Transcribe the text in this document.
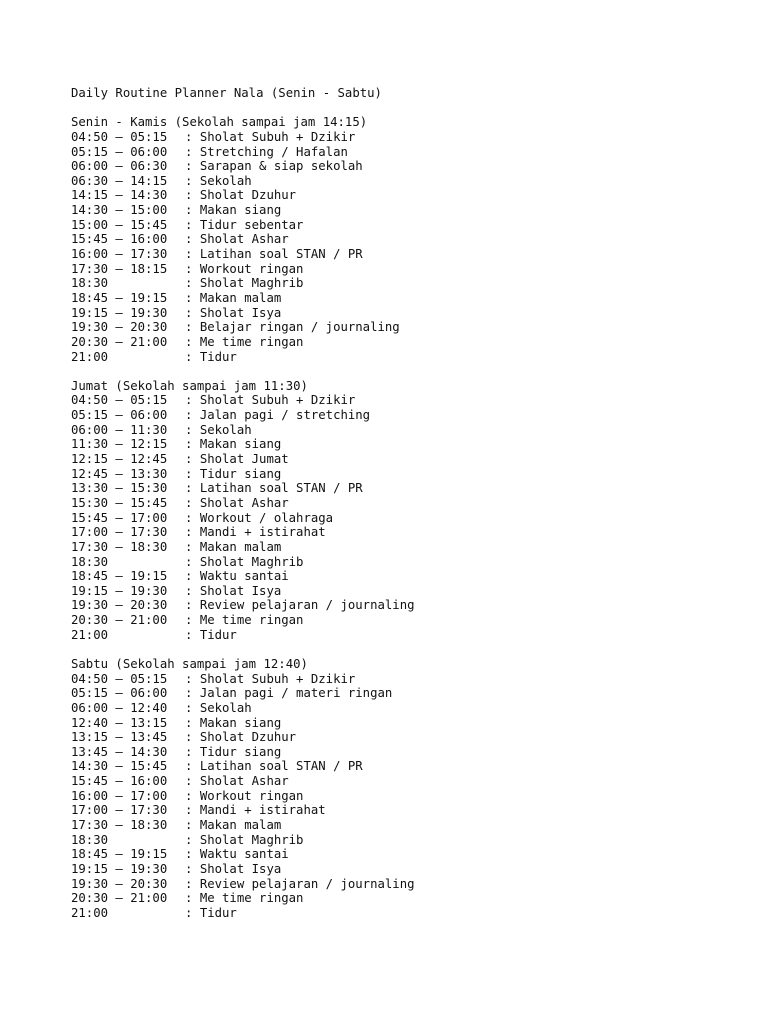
Daily Routine Planner Nala (Senin - Sabtu)
Senin - Kamis (Sekolah sampai jam 14:15)
04:50 – 05:15 : Sholat Subuh + Dzikir
05:15 – 06:00 : Stretching / Hafalan
06:00 – 06:30 : Sarapan & siap sekolah
06:30 – 14:15 : Sekolah
14:15 – 14:30 : Sholat Dzuhur
14:30 – 15:00 : Makan siang
15:00 – 15:45 : Tidur sebentar
15:45 – 16:00 : Sholat Ashar
16:00 – 17:30 : Latihan soal STAN / PR
17:30 – 18:15 : Workout ringan
18:30	: Sholat Maghrib
18:45 – 19:15 : Makan malam
19:15 – 19:30 : Sholat Isya
19:30 – 20:30 : Belajar ringan / journaling
20:30 – 21:00 : Me time ringan
21:00	: Tidur
Jumat (Sekolah sampai jam 11:30)
04:50 – 05:15 : Sholat Subuh + Dzikir
05:15 – 06:00 : Jalan pagi / stretching
06:00 – 11:30 : Sekolah
11:30 – 12:15 : Makan siang
12:15 – 12:45 : Sholat Jumat
12:45 – 13:30 : Tidur siang
13:30 – 15:30 : Latihan soal STAN / PR
15:30 – 15:45 : Sholat Ashar
15:45 – 17:00 : Workout / olahraga
17:00 – 17:30 : Mandi + istirahat
17:30 – 18:30 : Makan malam
18:30	: Sholat Maghrib
18:45 – 19:15 : Waktu santai
19:15 – 19:30 : Sholat Isya
19:30 – 20:30 : Review pelajaran / journaling
20:30 – 21:00 : Me time ringan
21:00	: Tidur
Sabtu (Sekolah sampai jam 12:40)
04:50 – 05:15 : Sholat Subuh + Dzikir
05:15 – 06:00 : Jalan pagi / materi ringan
06:00 – 12:40 : Sekolah
12:40 – 13:15 : Makan siang
13:15 – 13:45 : Sholat Dzuhur
13:45 – 14:30 : Tidur siang
14:30 – 15:45 : Latihan soal STAN / PR
15:45 – 16:00 : Sholat Ashar
16:00 – 17:00 : Workout ringan
17:00 – 17:30 : Mandi + istirahat
17:30 – 18:30 : Makan malam
18:30	: Sholat Maghrib
18:45 – 19:15 : Waktu santai
19:15 – 19:30 : Sholat Isya
19:30 – 20:30 : Review pelajaran / journaling
20:30 – 21:00 : Me time ringan
21:00	: Tidur
